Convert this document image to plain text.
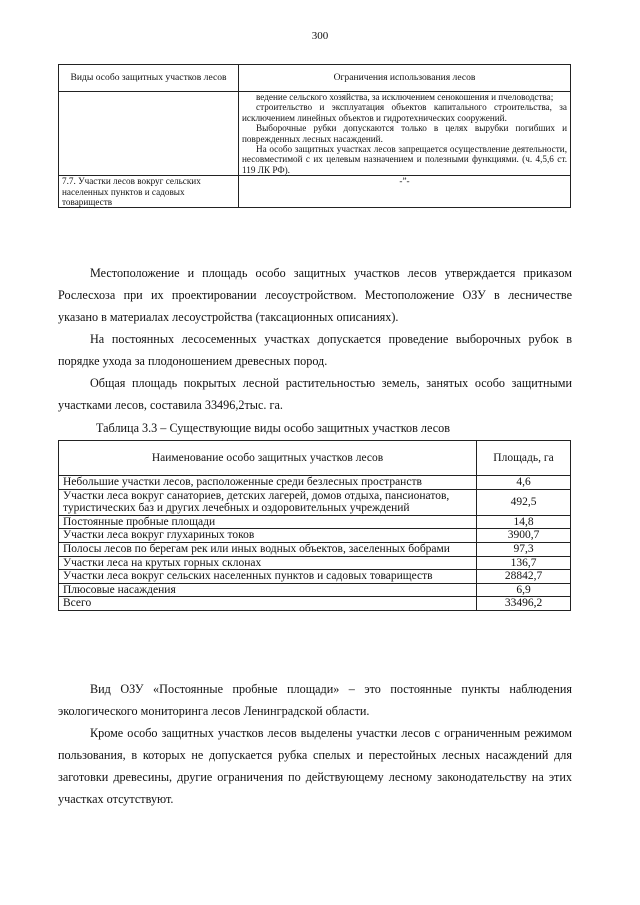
300
Виды особо защитных участков лесов	Ограничения использования лесов

	ведение сельского хозяйства, за исключением сенокошения и пчеловодства;

строительство и эксплуатация объектов капитального строительства, за исключением линейных объектов и гидротехнических сооружений.

Выборочные рубки допускаются только в целях вырубки погибших и поврежденных лесных насаждений.

На особо защитных участках лесов запрещается осуществление деятельности, несовместимой с их целевым назначением и полезными функциями. (ч. 4,5,6 ст. 119 ЛК РФ).

7.7. Участки лесов вокруг сельских населенных пунктов и садовых товариществ	-”-

Местоположение и площадь особо защитных участков лесов утверждается приказом Рослесхоза при их проектировании лесоустройством. Местоположение ОЗУ в лесничестве указано в материалах лесоустройства (таксационных описаниях).

На постоянных лесосеменных участках допускается проведение выборочных рубок в порядке ухода за плодоношением древесных пород.

Общая площадь покрытых лесной растительностью земель, занятых особо защитными участками лесов, составила 33496,2тыс. га.

Таблица 3.3 – Существующие виды особо защитных участков лесов

Наименование особо защитных участков лесов	Площадь, га
Небольшие участки лесов, расположенные среди безлесных пространств	4,6
Участки леса вокруг санаториев, детских лагерей, домов отдыха, пансионатов, туристических баз и других лечебных и оздоровительных учреждений	492,5
Постоянные пробные площади	14,8
Участки леса вокруг глухариных токов	3900,7
Полосы лесов по берегам рек или иных водных объектов, заселенных бобрами	97,3
Участки леса на крутых горных склонах	136,7
Участки леса вокруг сельских населенных пунктов и садовых товариществ	28842,7
Плюсовые насаждения	6,9
Всего	33496,2

Вид ОЗУ «Постоянные пробные площади» – это постоянные пункты наблюдения экологического мониторинга лесов Ленинградской области.

Кроме особо защитных участков лесов выделены участки лесов с ограниченным режимом пользования, в которых не допускается рубка спелых и перестойных лесных насаждений для заготовки древесины, другие ограничения по действующему лесному законодательству на этих участках отсутствуют.
